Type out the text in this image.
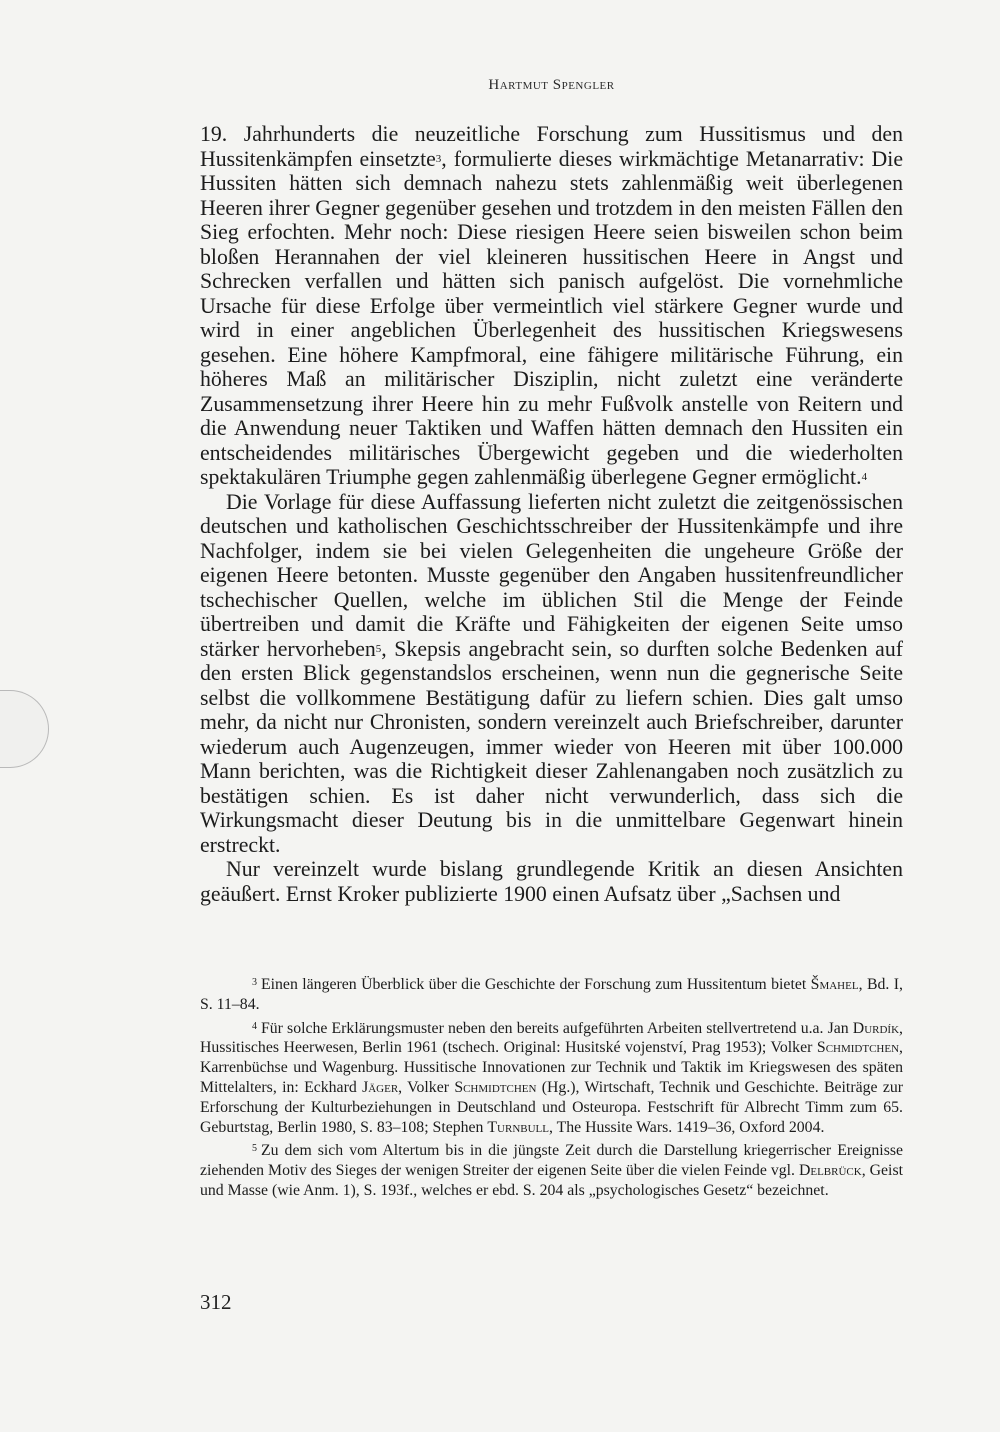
Hartmut Spengler

19. Jahrhunderts die neuzeitliche Forschung zum Hussitismus und den Hussitenkämpfen einsetzte3, formulierte dieses wirkmächtige Metanarrativ: Die Hussiten hätten sich demnach nahezu stets zahlenmäßig weit überlegenen Heeren ihrer Gegner gegenüber gesehen und trotzdem in den meisten Fällen den Sieg erfochten. Mehr noch: Diese riesigen Heere seien bisweilen schon beim bloßen Herannahen der viel kleineren hussitischen Heere in Angst und Schrecken verfallen und hätten sich panisch aufgelöst. Die vornehmliche Ursache für diese Erfolge über vermeintlich viel stärkere Gegner wurde und wird in einer angeblichen Überlegenheit des hussitischen Kriegswesens gesehen. Eine höhere Kampfmoral, eine fähigere militärische Führung, ein höheres Maß an militärischer Disziplin, nicht zuletzt eine veränderte Zusammensetzung ihrer Heere hin zu mehr Fußvolk anstelle von Reitern und die Anwendung neuer Taktiken und Waffen hätten demnach den Hussiten ein entscheidendes militärisches Übergewicht gegeben und die wiederholten spektakulären Triumphe gegen zahlenmäßig überlegene Gegner ermöglicht.4

Die Vorlage für diese Auffassung lieferten nicht zuletzt die zeitgenössischen deutschen und katholischen Geschichtsschreiber der Hussitenkämpfe und ihre Nachfolger, indem sie bei vielen Gelegenheiten die ungeheure Größe der eigenen Heere betonten. Musste gegenüber den Angaben hussitenfreundlicher tschechischer Quellen, welche im üblichen Stil die Menge der Feinde übertreiben und damit die Kräfte und Fähigkeiten der eigenen Seite umso stärker hervorheben5, Skepsis angebracht sein, so durften solche Bedenken auf den ersten Blick gegenstandslos erscheinen, wenn nun die gegnerische Seite selbst die vollkommene Bestätigung dafür zu liefern schien. Dies galt umso mehr, da nicht nur Chronisten, sondern vereinzelt auch Briefschreiber, darunter wiederum auch Augenzeugen, immer wieder von Heeren mit über 100.000 Mann berichten, was die Richtigkeit dieser Zahlenangaben noch zusätzlich zu bestätigen schien. Es ist daher nicht verwunderlich, dass sich die Wirkungsmacht dieser Deutung bis in die unmittelbare Gegenwart hinein erstreckt.

Nur vereinzelt wurde bislang grundlegende Kritik an diesen Ansichten geäußert. Ernst Kroker publizierte 1900 einen Aufsatz über „Sachsen und

$^3$ Einen längeren Überblick über die Geschichte der Forschung zum Hussitentum bietet Šmahel, Bd. I, S. 11–84.

$^4$ Für solche Erklärungsmuster neben den bereits aufgeführten Arbeiten stellvertretend u.a. Jan Durdík, Hussitisches Heerwesen, Berlin 1961 (tschech. Original: Husitské vojenství, Prag 1953); Volker Schmidtchen, Karrenbüchse und Wagenburg. Hussitische Innovationen zur Technik und Taktik im Kriegswesen des späten Mittelalters, in: Eckhard Jäger, Volker Schmidtchen (Hg.), Wirtschaft, Technik und Geschichte. Beiträge zur Erforschung der Kulturbeziehungen in Deutschland und Osteuropa. Festschrift für Albrecht Timm zum 65. Geburtstag, Berlin 1980, S. 83–108; Stephen Turnbull, The Hussite Wars. 1419–36, Oxford 2004.

$^5$ Zu dem sich vom Altertum bis in die jüngste Zeit durch die Darstellung kriegerrischer Ereignisse ziehenden Motiv des Sieges der wenigen Streiter der eigenen Seite über die vielen Feinde vgl. Delbrück, Geist und Masse (wie Anm. 1), S. 193f., welches er ebd. S. 204 als „psychologisches Gesetz“ bezeichnet.

312
